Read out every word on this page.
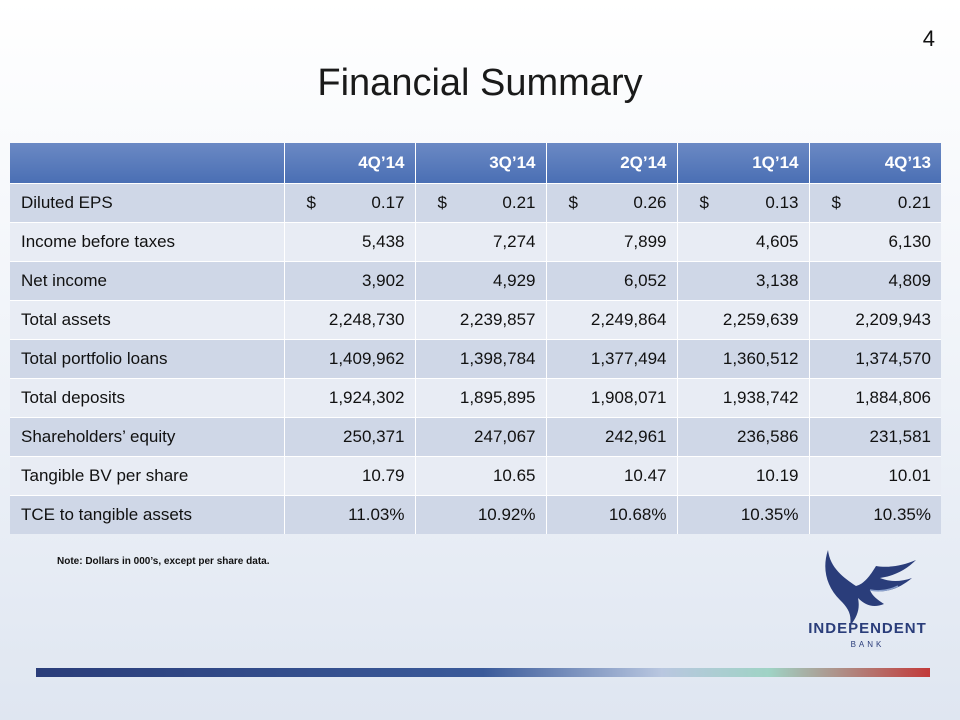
4
Financial Summary
	4Q’14	3Q’14	2Q’14	1Q’14	4Q’13
Diluted EPS	$ 0.17	$ 0.21	$ 0.26	$ 0.13	$ 0.21

Income before taxes	5,438	7,274	7,899	4,605	6,130
Net income	3,902	4,929	6,052	3,138	4,809
Total assets	2,248,730	2,239,857	2,249,864	2,259,639	2,209,943
Total portfolio loans	1,409,962	1,398,784	1,377,494	1,360,512	1,374,570
Total deposits	1,924,302	1,895,895	1,908,071	1,938,742	1,884,806
Shareholders’ equity	250,371	247,067	242,961	236,586	231,581
Tangible BV per share	10.79	10.65	10.47	10.19	10.01
TCE to tangible assets	11.03%	10.92%	10.68%	10.35%	10.35%
Note: Dollars in 000’s, except per share data.
INDEPENDENT
BANK
